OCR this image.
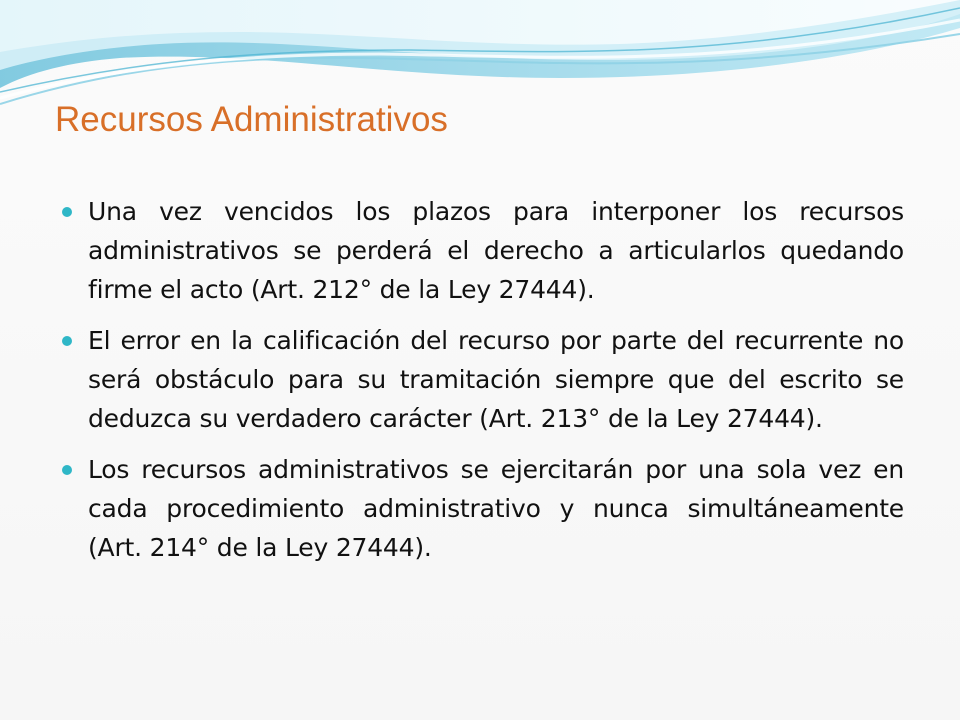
Recursos Administrativos
Una vez vencidos los plazos para interponer los recursos administrativos se perderá el derecho a articularlos quedando firme el acto (Art. 212° de la Ley 27444).
El error en la calificación del recurso por parte del recurrente no será obstáculo para su tramitación siempre que del escrito se deduzca su verdadero carácter (Art. 213° de la Ley 27444).
Los recursos administrativos se ejercitarán por una sola vez en cada procedimiento administrativo y nunca simultáneamente (Art. 214° de la Ley 27444).
